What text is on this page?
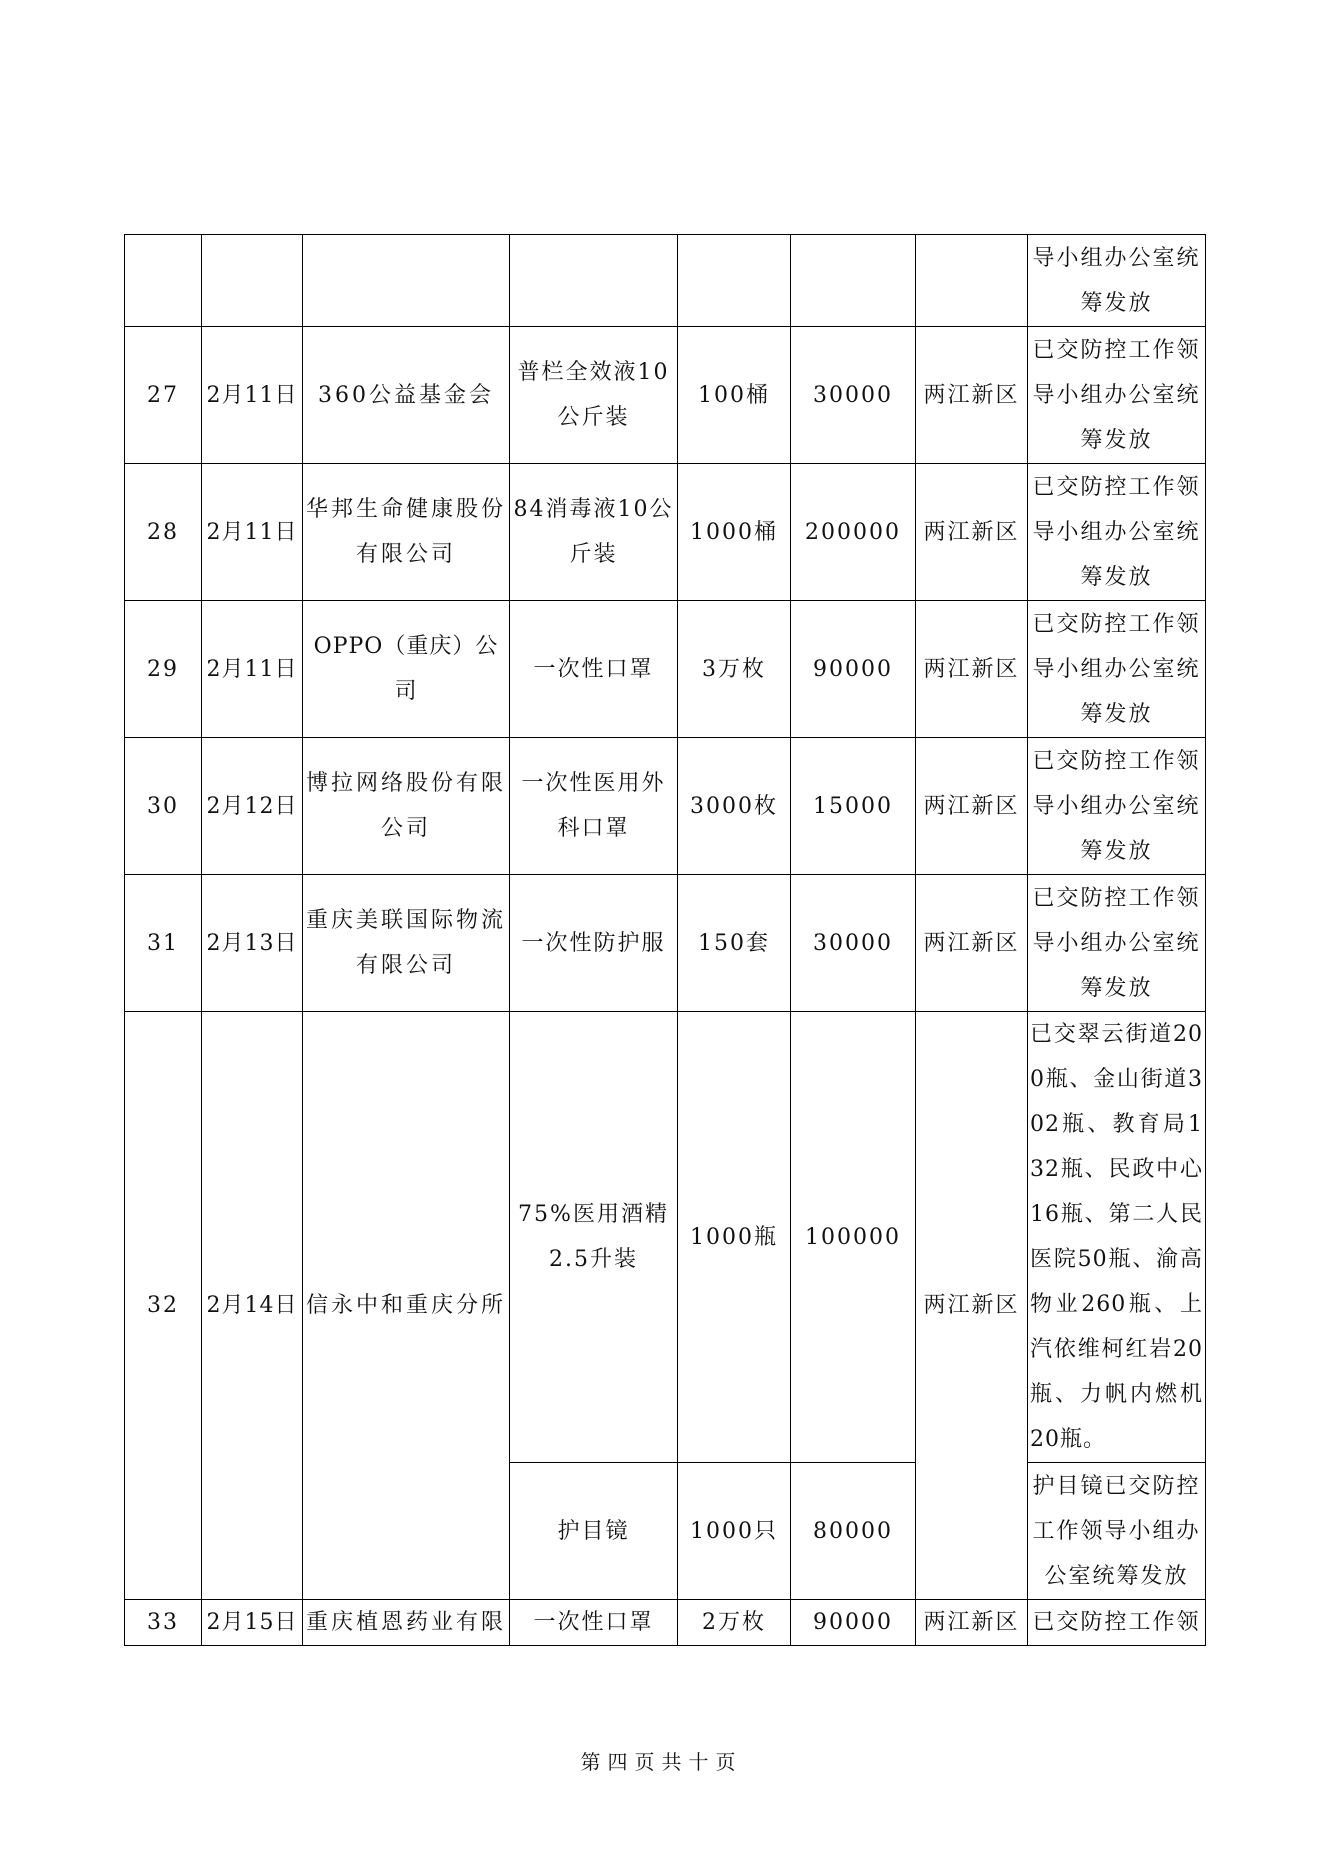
							导小组办公室统筹发放
27	2月11日	360公益基金会	普栏全效液10公斤装	100桶	30000	两江新区	已交防控工作领导小组办公室统筹发放
28	2月11日	华邦生命健康股份有限公司	84消毒液10公斤装	1000桶	200000	两江新区	已交防控工作领导小组办公室统筹发放
29	2月11日	OPPO（重庆）公司	一次性口罩	3万枚	90000	两江新区	已交防控工作领导小组办公室统筹发放
30	2月12日	博拉网络股份有限公司	一次性医用外科口罩	3000枚	15000	两江新区	已交防控工作领导小组办公室统筹发放
31	2月13日	重庆美联国际物流有限公司	一次性防护服	150套	30000	两江新区	已交防控工作领导小组办公室统筹发放
32	2月14日	信永中和重庆分所	75%医用酒精2.5升装	1000瓶	100000	两江新区	已交翠云街道200瓶、金山街道302瓶、教育局132瓶、民政中心16瓶、第二人民医院50瓶、渝高物业260瓶、上汽依维柯红岩20瓶、力帆内燃机20瓶。
			护目镜	1000只	80000		护目镜已交防控工作领导小组办公室统筹发放
33	2月15日	重庆植恩药业有限	一次性口罩	2万枚	90000	两江新区	已交防控工作领
第四页共十页
